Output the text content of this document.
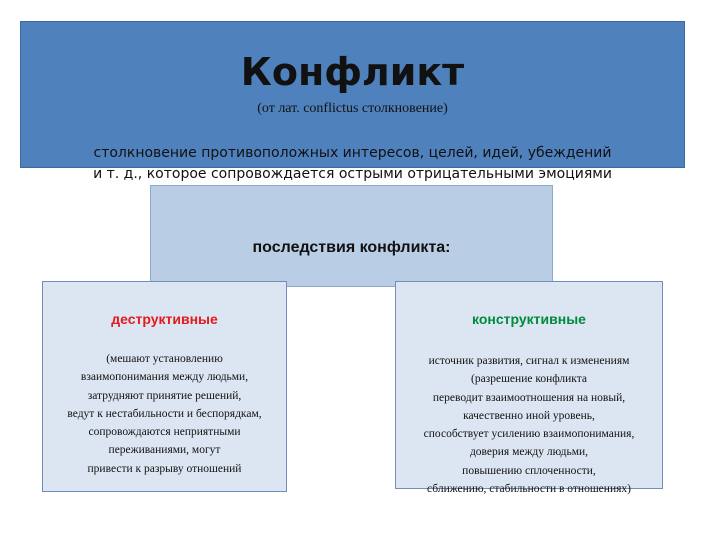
Конфликт
(от лат. conflictus столкновение)
столкновение противоположных интересов, целей, идей, убеждений
и т. д., которое сопровождается острыми отрицательными эмоциями
последствия конфликта:
деструктивные
(мешают установлению
взаимопонимания между людьми,
затрудняют принятие решений,
ведут к нестабильности и беспорядкам,
сопровождаются неприятными
переживаниями, могут
привести к разрыву отношений
конструктивные
источник развития, сигнал к изменениям
(разрешение конфликта
переводит взаимоотношения на новый,
качественно иной уровень,
способствует усилению взаимопонимания,
доверия между людьми,
повышению сплоченности,
сближению, стабильности в отношениях)
